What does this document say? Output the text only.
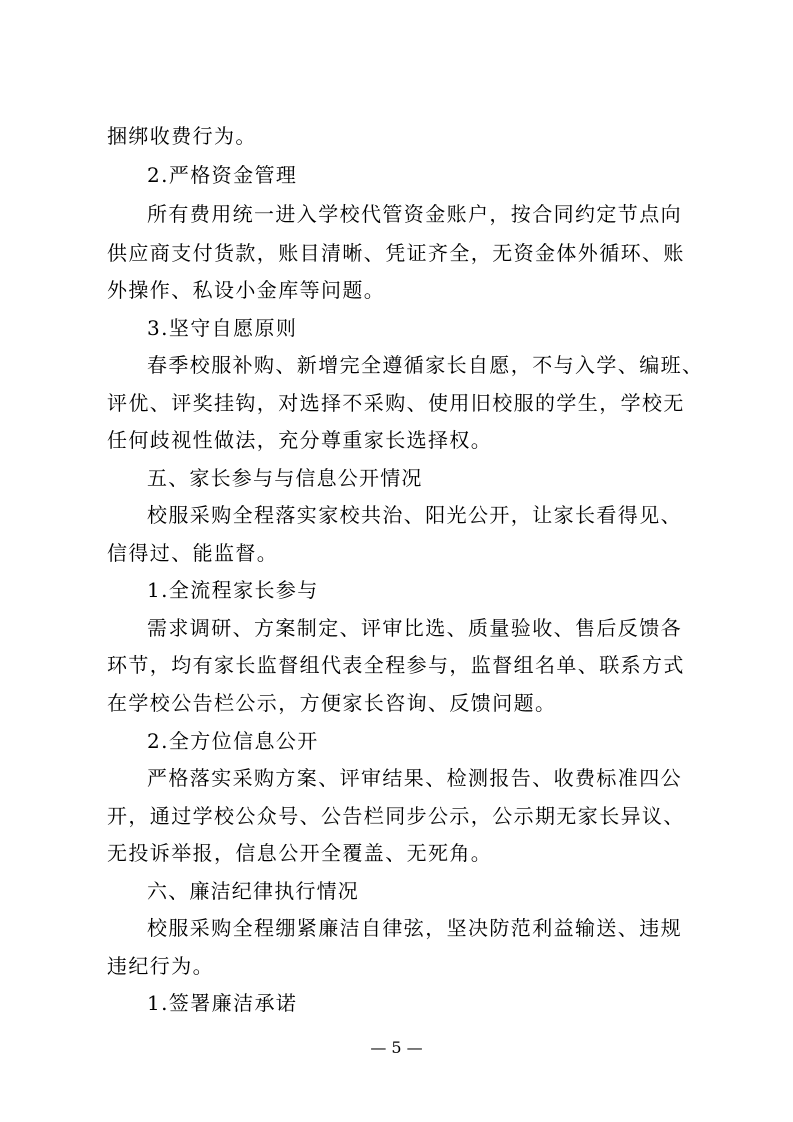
捆绑收费行为。
2.严格资金管理
所有费用统一进入学校代管资金账户，按合同约定节点向
供应商支付货款，账目清晰、凭证齐全，无资金体外循环、账
外操作、私设小金库等问题。
3.坚守自愿原则
春季校服补购、新增完全遵循家长自愿，不与入学、编班、
评优、评奖挂钩，对选择不采购、使用旧校服的学生，学校无
任何歧视性做法，充分尊重家长选择权。
五、家长参与与信息公开情况
校服采购全程落实家校共治、阳光公开，让家长看得见、
信得过、能监督。
1.全流程家长参与
需求调研、方案制定、评审比选、质量验收、售后反馈各
环节，均有家长监督组代表全程参与，监督组名单、联系方式
在学校公告栏公示，方便家长咨询、反馈问题。
2.全方位信息公开
严格落实采购方案、评审结果、检测报告、收费标准四公
开，通过学校公众号、公告栏同步公示，公示期无家长异议、
无投诉举报，信息公开全覆盖、无死角。
六、廉洁纪律执行情况
校服采购全程绷紧廉洁自律弦，坚决防范利益输送、违规
违纪行为。
1.签署廉洁承诺
— 5 —
